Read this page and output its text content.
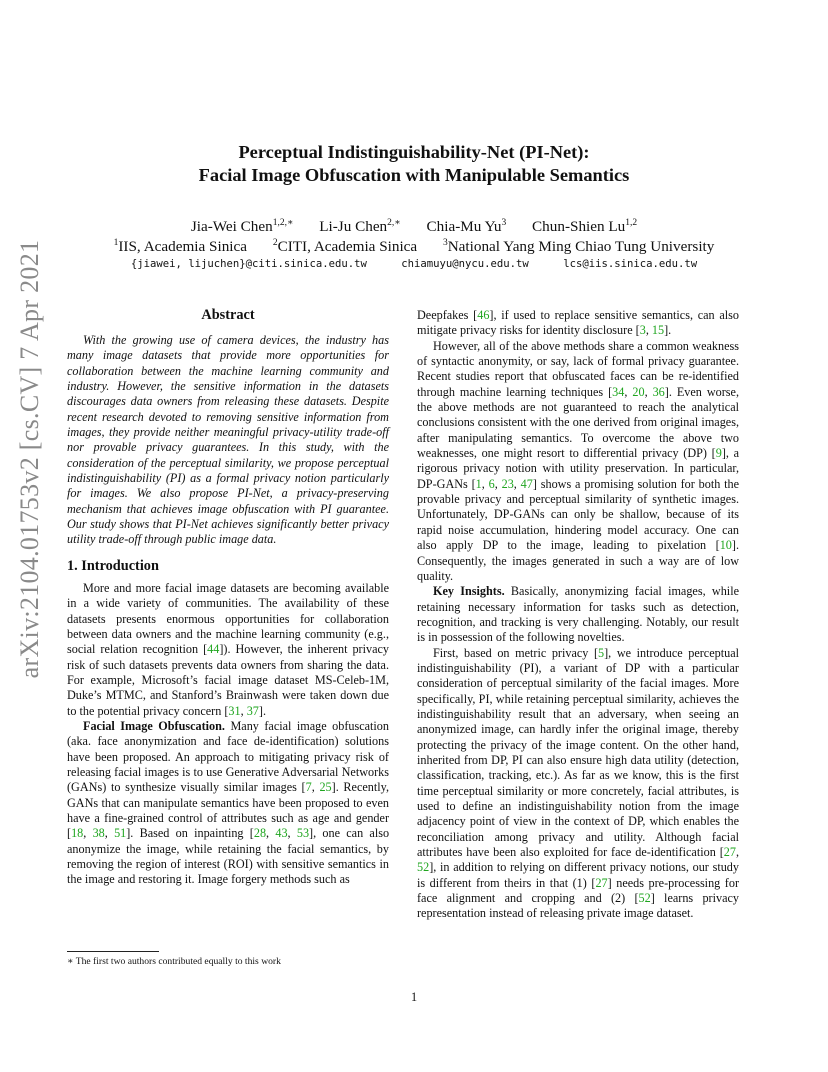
arXiv:2104.01753v2 [cs.CV] 7 Apr 2021
Perceptual Indistinguishability-Net (PI-Net):
Facial Image Obfuscation with Manipulable Semantics
Jia-Wei Chen$^{1,2,∗}$ Li-Ju Chen$^{2,∗}$ Chia-Mu Yu$^3$ Chun-Shien Lu$^{1,2}$
$^1$IIS, Academia Sinica	$^2$CITI, Academia Sinica	$^3$National Yang Ming Chiao Tung University
{jiawei, lijuchen}@citi.sinica.edu.tw	chiamuyu@nycu.edu.tw	lcs@iis.sinica.edu.tw
Abstract

With the growing use of camera devices, the industry has many image datasets that provide more opportunities for collaboration between the machine learning community and industry. However, the sensitive information in the datasets discourages data owners from releasing these datasets. Despite recent research devoted to removing sensitive information from images, they provide neither meaningful privacy-utility trade-off nor provable privacy guarantees. In this study, with the consideration of the perceptual similarity, we propose perceptual indistinguishability (PI) as a formal privacy notion particularly for images. We also propose PI-Net, a privacy-preserving mechanism that achieves image obfuscation with PI guarantee. Our study shows that PI-Net achieves significantly better privacy utility trade-off through public image data.

1. Introduction

More and more facial image datasets are becoming available in a wide variety of communities. The availability of these datasets presents enormous opportunities for collaboration between data owners and the machine learning community (e.g., social relation recognition [44]). However, the inherent privacy risk of such datasets prevents data owners from sharing the data. For example, Microsoft’s facial image dataset MS-Celeb-1M, Duke’s MTMC, and Stanford’s Brainwash were taken down due to the potential privacy concern [31, 37].

Facial Image Obfuscation. Many facial image obfuscation (aka. face anonymization and face de-identification) solutions have been proposed. An approach to mitigating privacy risk of releasing facial images is to use Generative Adversarial Networks (GANs) to synthesize visually similar images [7, 25]. Recently, GANs that can manipulate semantics have been proposed to even have a fine-grained control of attributes such as age and gender [18, 38, 51]. Based on inpainting [28, 43, 53], one can also anonymize the image, while retaining the facial semantics, by removing the region of interest (ROI) with sensitive semantics in the image and restoring it. Image forgery methods such as

Deepfakes [46], if used to replace sensitive semantics, can also mitigate privacy risks for identity disclosure [3, 15].

However, all of the above methods share a common weakness of syntactic anonymity, or say, lack of formal privacy guarantee. Recent studies report that obfuscated faces can be re-identified through machine learning techniques [34, 20, 36]. Even worse, the above methods are not guaranteed to reach the analytical conclusions consistent with the one derived from original images, after manipulating semantics. To overcome the above two weaknesses, one might resort to differential privacy (DP) [9], a rigorous privacy notion with utility preservation. In particular, DP-GANs [1, 6, 23, 47] shows a promising solution for both the provable privacy and perceptual similarity of synthetic images. Unfortunately, DP-GANs can only be shallow, because of its rapid noise accumulation, hindering model accuracy. One can also apply DP to the image, leading to pixelation [10]. Consequently, the images generated in such a way are of low quality.

Key Insights. Basically, anonymizing facial images, while retaining necessary information for tasks such as detection, recognition, and tracking is very challenging. Notably, our result is in possession of the following novelties.

First, based on metric privacy [5], we introduce perceptual indistinguishability (PI), a variant of DP with a particular consideration of perceptual similarity of the facial images. More specifically, PI, while retaining perceptual similarity, achieves the indistinguishability result that an adversary, when seeing an anonymized image, can hardly infer the original image, thereby protecting the privacy of the image content. On the other hand, inherited from DP, PI can also ensure high data utility (detection, classification, tracking, etc.). As far as we know, this is the first time perceptual similarity or more concretely, facial attributes, is used to define an indistinguishability notion from the image adjacency point of view in the context of DP, which enables the reconciliation among privacy and utility. Although facial attributes have been also exploited for face de-identification [27, 52], in addition to relying on different privacy notions, our study is different from theirs in that (1) [27] needs pre-processing for face alignment and cropping and (2) [52] learns privacy representation instead of releasing private image dataset.

∗ The first two authors contributed equally to this work
1
